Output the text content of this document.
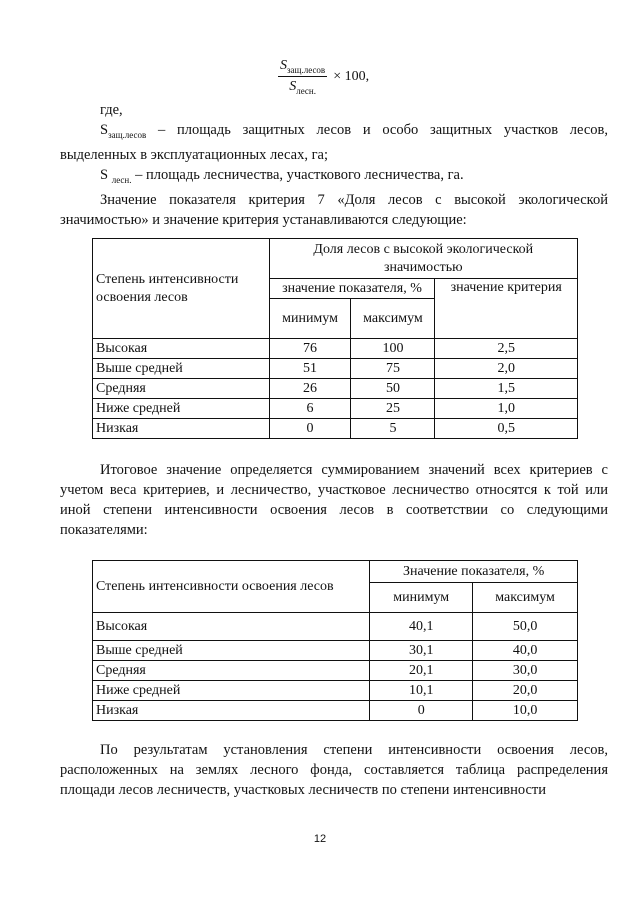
$\frac{S_{защ.лесов}}{S_{лесн.}} \times 100$,

где,

$S_{защ.лесов}$ – площадь защитных лесов и особо защитных участков лесов, выделенных в эксплуатационных лесах, га;

S $_{лесн.}$ – площадь лесничества, участкового лесничества, га.

Значение показателя критерия 7 «Доля лесов с высокой экологической значимостью» и значение критерия устанавливаются следующие:

Степень интенсивности освоения лесов	Доля лесов с высокой экологической значимостью		
	значение показателя, %		значение критерия
	минимум	максимум	
Высокая	76	100	2,5
Выше средней	51	75	2,0
Средняя	26	50	1,5
Ниже средней	6	25	1,0
Низкая	0	5	0,5

Итоговое значение определяется суммированием значений всех критериев с учетом веса критериев, и лесничество, участковое лесничество относятся к той или иной степени интенсивности освоения лесов в соответствии со следующими показателями:

Степень интенсивности освоения лесов	Значение показателя, %	
	минимум	максимум
Высокая	40,1	50,0
Выше средней	30,1	40,0
Средняя	20,1	30,0
Ниже средней	10,1	20,0
Низкая	0	10,0

По результатам установления степени интенсивности освоения лесов, расположенных на землях лесного фонда, составляется таблица распределения площади лесов лесничеств, участковых лесничеств по степени интенсивности

12
